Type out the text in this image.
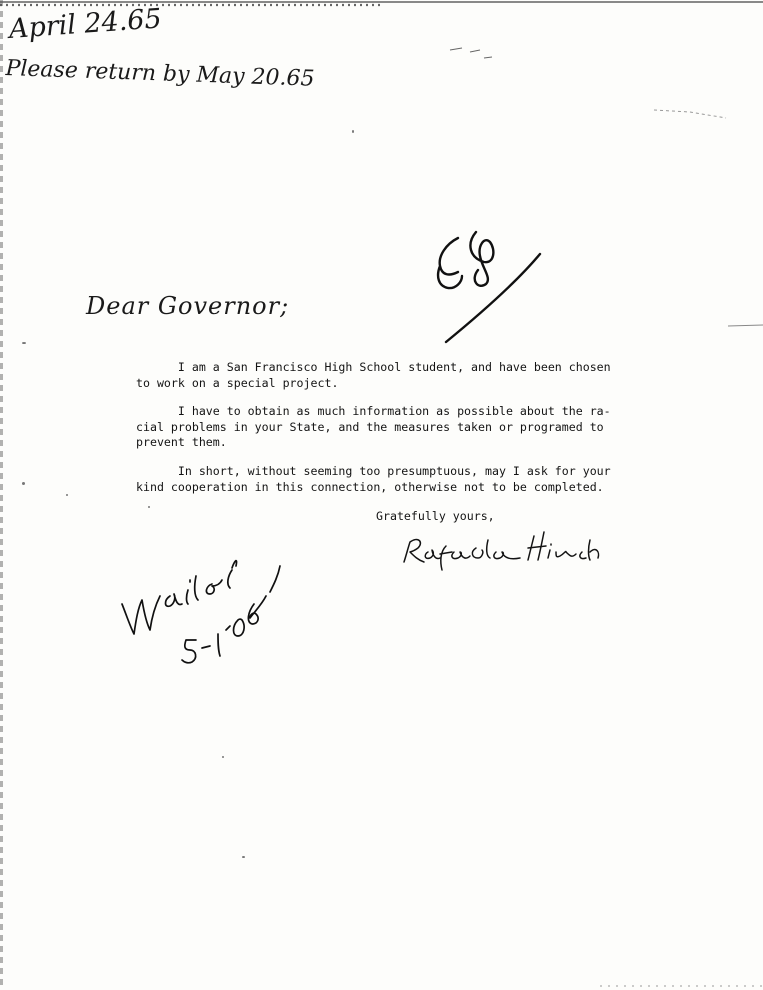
April 24.65
Please return by May 20.65
Dear Governor;
I am a San Francisco High School student, and have been chosen
to work on a special project.
I have to obtain as much information as possible about the ra-
cial problems in your State, and the measures taken or programed to
prevent them.
In short, without seeming too presumptuous, may I ask for your
kind cooperation in this connection, otherwise not to be completed.
Gratefully yours,
